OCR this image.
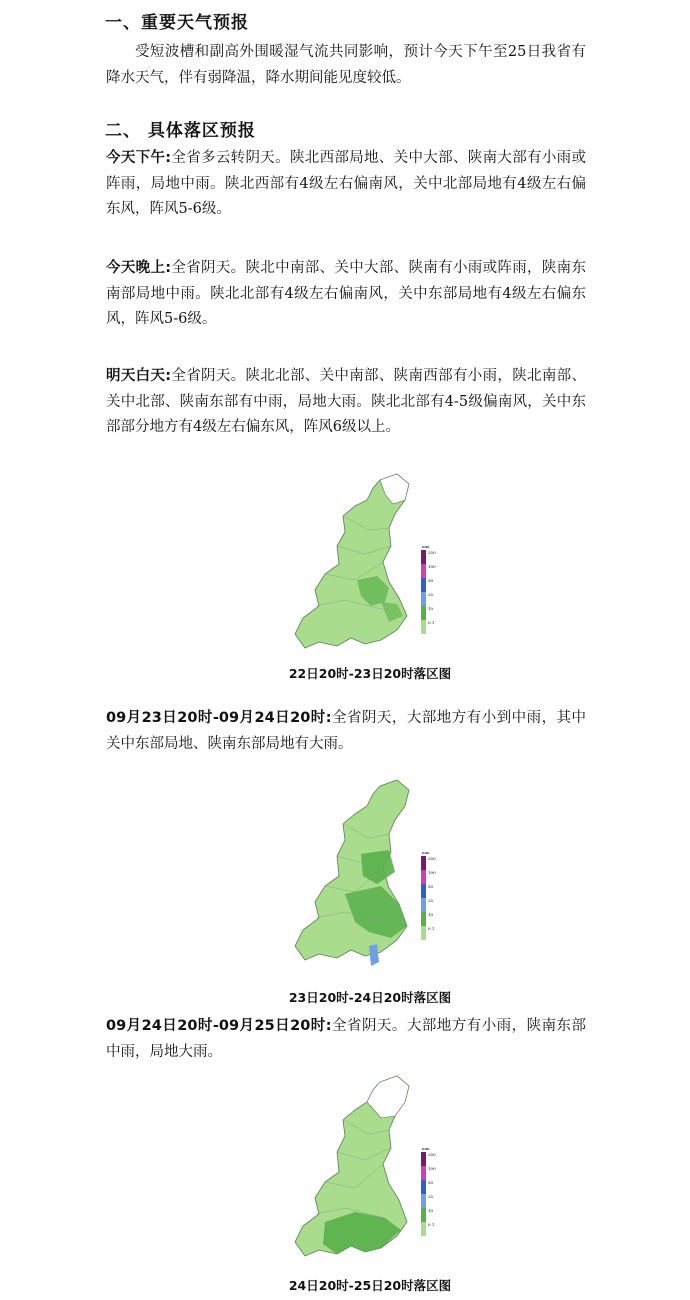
一、重要天气预报
受短波槽和副高外围暖湿气流共同影响，预计今天下午至25日我省有降水天气，伴有弱降温，降水期间能见度较低。
二、 具体落区预报
今天下午:全省多云转阴天。陕北西部局地、关中大部、陕南大部有小雨或阵雨，局地中雨。陕北西部有4级左右偏南风，关中北部局地有4级左右偏东风，阵风5-6级。
今天晚上:全省阴天。陕北中南部、关中大部、陕南有小雨或阵雨，陕南东南部局地中雨。陕北北部有4级左右偏南风，关中东部局地有4级左右偏东风，阵风5-6级。
明天白天:全省阴天。陕北北部、关中南部、陕南西部有小雨，陕北南部、关中北部、陕南东部有中雨，局地大雨。陕北北部有4-5级偏南风，关中东部部分地方有4级左右偏东风，阵风6级以上。
mm
250
100
50
25
10
0.1
22日20时-23日20时落区图
09月23日20时-09月24日20时:全省阴天，大部地方有小到中雨，其中关中东部局地、陕南东部局地有大雨。
mm
250
100
50
25
10
0.1
23日20时-24日20时落区图
09月24日20时-09月25日20时:全省阴天。大部地方有小雨，陕南东部中雨，局地大雨。
mm
250
100
50
25
10
0.1
24日20时-25日20时落区图
